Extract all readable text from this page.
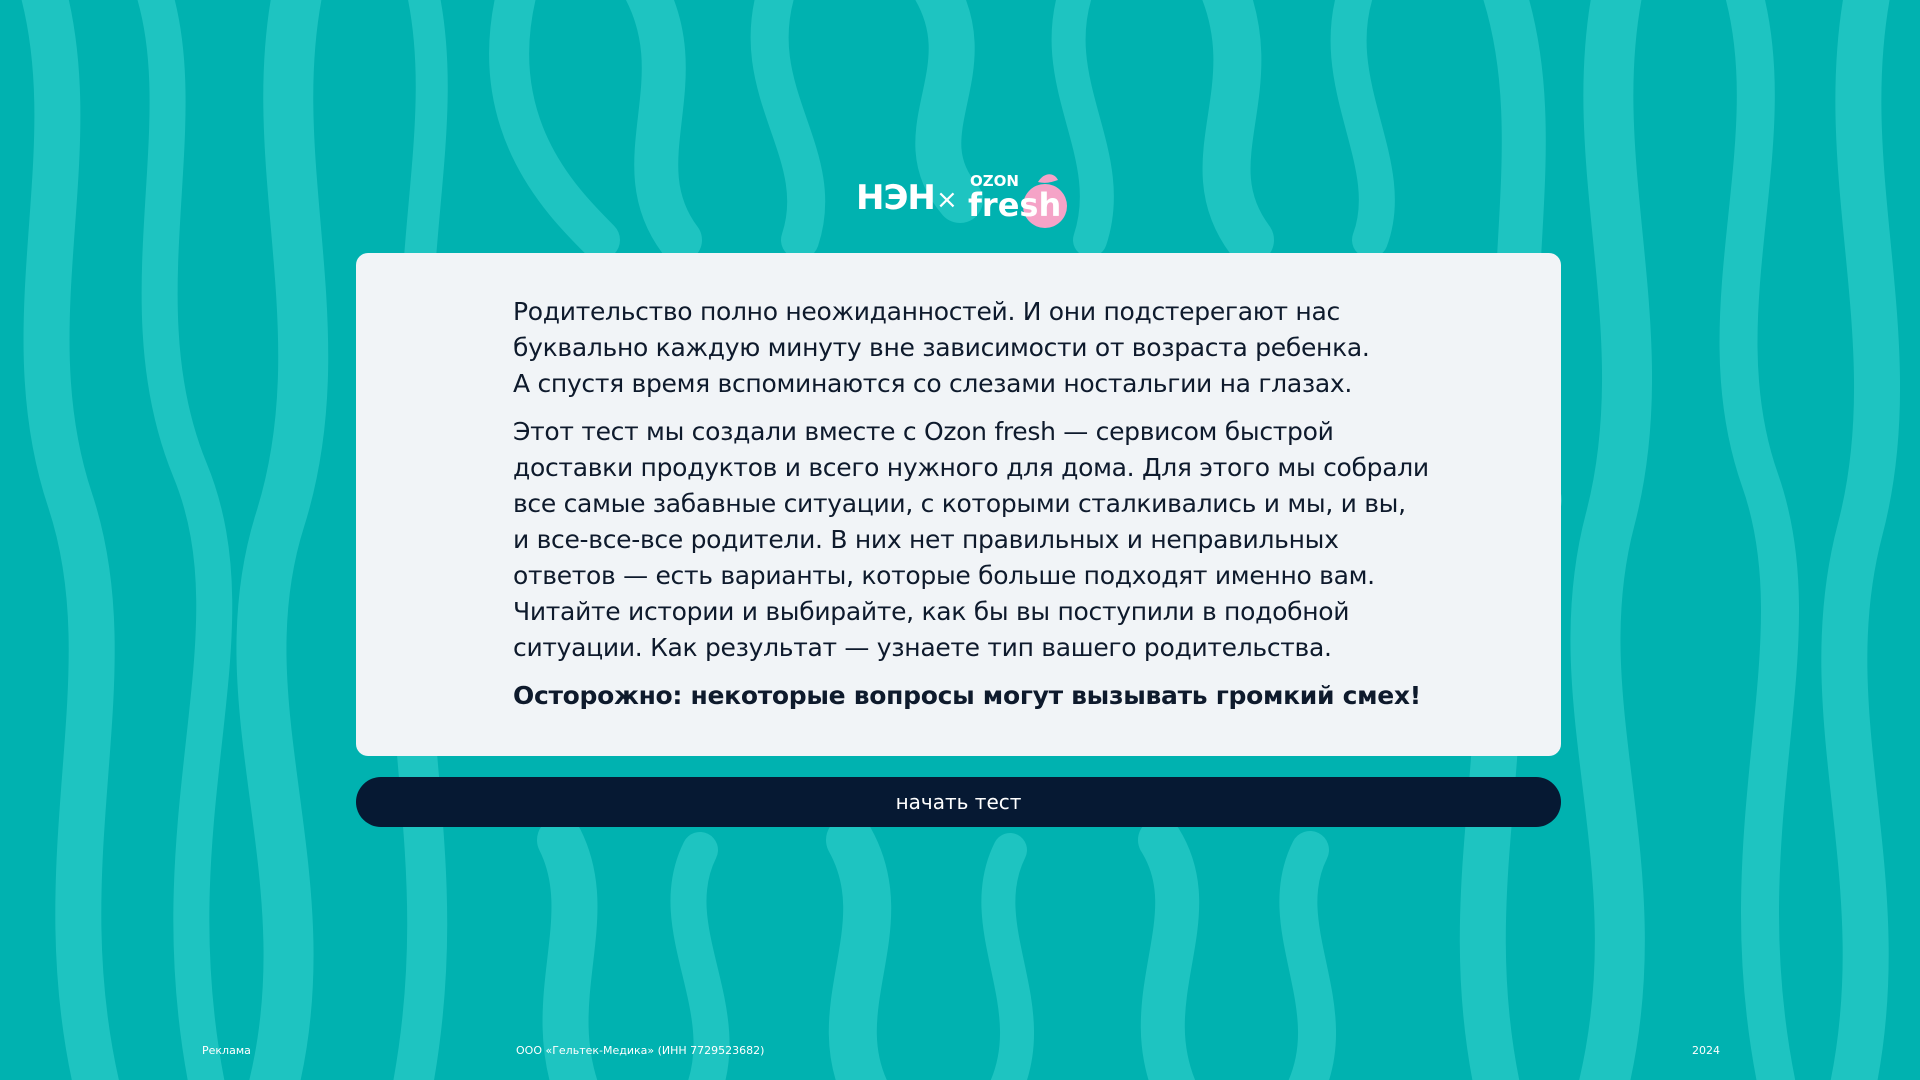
НЭН ×
OZON
fresh

Родительство полно неожиданностей. И они подстерегают нас
буквально каждую минуту вне зависимости от возраста ребенка.
А спустя время вспоминаются со слезами ностальгии на глазах.

Этот тест мы создали вместе с Ozon fresh — сервисом быстрой
доставки продуктов и всего нужного для дома. Для этого мы собрали
все самые забавные ситуации, с которыми сталкивались и мы, и вы,
и все-все-все родители. В них нет правильных и неправильных
ответов — есть варианты, которые больше подходят именно вам.
Читайте истории и выбирайте, как бы вы поступили в подобной
ситуации. Как результат — узнаете тип вашего родительства.

Осторожно: некоторые вопросы могут вызывать громкий смех!

начать тест
Реклама	ООО «Гельтек-Медика» (ИНН 7729523682)	2024
